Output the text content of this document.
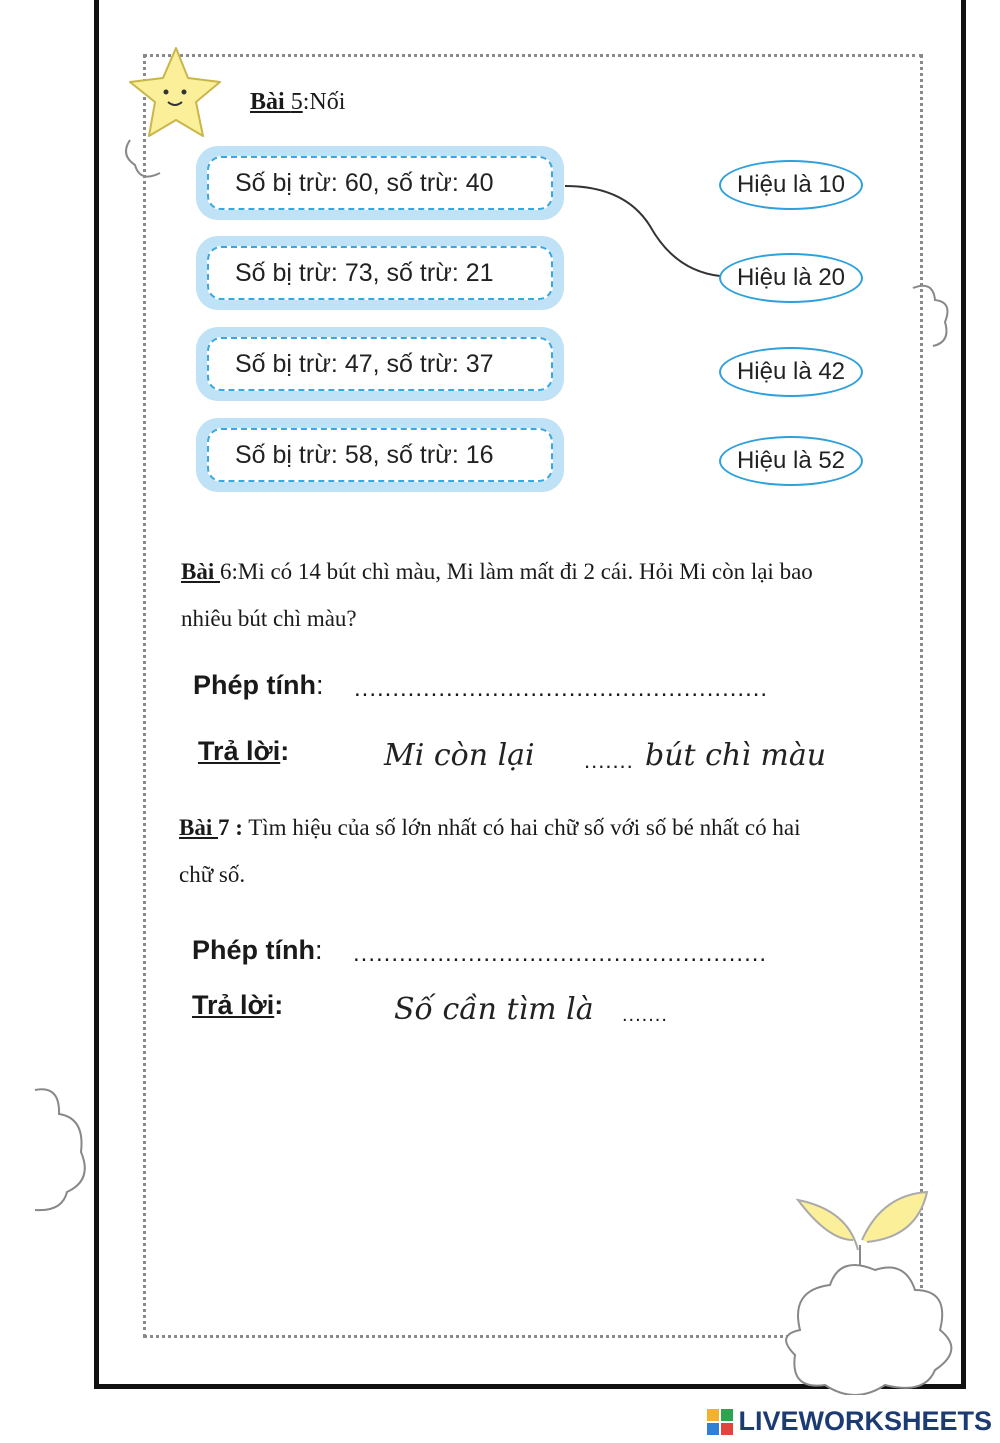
Bài 5:Nối
Số bị trừ: 60, số trừ: 40
Số bị trừ: 73, số trừ: 21
Số bị trừ: 47, số trừ: 37
Số bị trừ: 58, số trừ: 16
Hiệu là 10
Hiệu là 20
Hiệu là 42
Hiệu là 52
Bài 6:Mi có 14 bút chì màu, Mi làm mất đi 2 cái. Hỏi Mi còn lại bao
nhiêu bút chì màu?
Phép tính: ......................................................
Trả lời:	Mi còn lại ....... bút chì màu
Bài 7 : Tìm hiệu của số lớn nhất có hai chữ số với số bé nhất có hai
chữ số.
Phép tính: ......................................................
Trả lời:	Số cần tìm là .......
LIVEWORKSHEETS
